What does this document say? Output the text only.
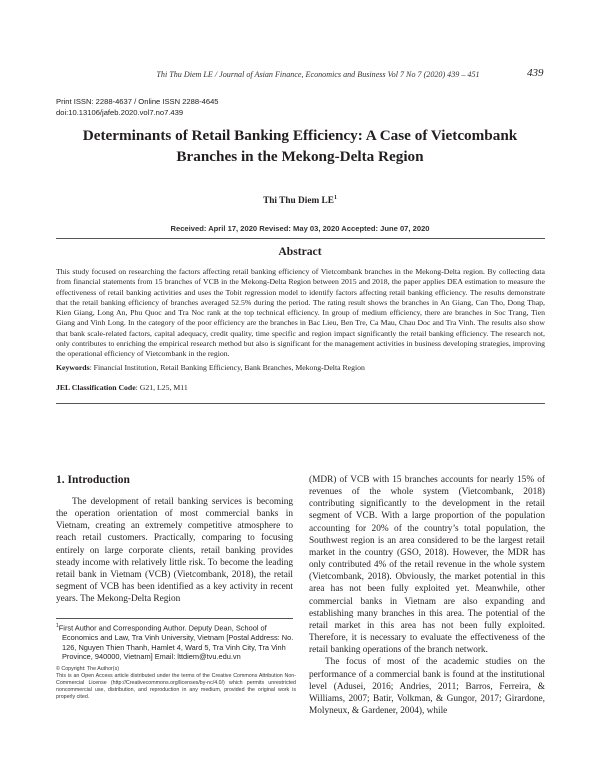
Thi Thu Diem LE / Journal of Asian Finance, Economics and Business Vol 7 No 7 (2020) 439 – 451	439
Print ISSN: 2288-4637 / Online ISSN 2288-4645
doi:10.13106/jafeb.2020.vol7.no7.439
Determinants of Retail Banking Efficiency: A Case of Vietcombank
Branches in the Mekong-Delta Region
Thi Thu Diem $LE^1$
Received: April 17, 2020 Revised: May 03, 2020 Accepted: June 07, 2020
Abstract
This study focused on researching the factors affecting retail banking efficiency of Vietcombank branches in the Mekong-Delta region. By collecting data from financial statements from 15 branches of VCB in the Mekong-Delta Region between 2015 and 2018, the paper applies DEA estimation to measure the effectiveness of retail banking activities and uses the Tobit regression model to identify factors affecting retail banking efficiency. The results demonstrate that the retail banking efficiency of branches averaged 52.5% during the period. The rating result shows the branches in An Giang, Can Tho, Dong Thap, Kien Giang, Long An, Phu Quoc and Tra Noc rank at the top technical efficiency. In group of medium efficiency, there are branches in Soc Trang, Tien Giang and Vinh Long. In the category of the poor efficiency are the branches in Bac Lieu, Ben Tre, Ca Mau, Chau Doc and Tra Vinh. The results also show that bank scale-related factors, capital adequacy, credit quality, time specific and region impact significantly the retail banking efficiency. The research not, only contributes to enriching the empirical research method but also is significant for the management activities in business developing strategies, improving the operational efficiency of Vietcombank in the region.
Keywords: Financial Institution, Retail Banking Efficiency, Bank Branches, Mekong-Delta Region
JEL Classification Code: G21, L25, M11
1. Introduction

The development of retail banking services is becoming the operation orientation of most commercial banks in Vietnam, creating an extremely competitive atmosphere to reach retail customers. Practically, comparing to focusing entirely on large corporate clients, retail banking provides steady income with relatively little risk. To become the leading retail bank in Vietnam (VCB) (Vietcombank, 2018), the retail segment of VCB has been identified as a key activity in recent years. The Mekong-Delta Region

(MDR) of VCB with 15 branches accounts for nearly 15% of revenues of the whole system (Vietcombank, 2018) contributing significantly to the development in the retail segment of VCB. With a large proportion of the population accounting for 20% of the country’s total population, the Southwest region is an area considered to be the largest retail market in the country (GSO, 2018). However, the MDR has only contributed 4% of the retail revenue in the whole system (Vietcombank, 2018). Obviously, the market potential in this area has not been fully exploited yet. Meanwhile, other commercial banks in Vietnam are also expanding and establishing many branches in this area. The potential of the retail market in this area has not been fully exploited. Therefore, it is necessary to evaluate the effectiveness of the retail banking operations of the branch network.

The focus of most of the academic studies on the performance of a commercial bank is found at the institutional level (Adusei, 2016; Andries, 2011; Barros, Ferreira, & Williams, 2007; Batir, Volkman, & Gungor, 2017; Girardone, Molyneux, & Gardener, 2004), while

$^1$First Author and Corresponding Author. Deputy Dean, School of Economics and Law, Tra Vinh University, Vietnam [Postal Address: No. 126, Nguyen Thien Thanh, Hamlet 4, Ward 5, Tra Vinh City, Tra Vinh Province, 940000, Vietnam] Email: lttdiem@tvu.edu.vn
© Copyright: The Author(s)
This is an Open Access article distributed under the terms of the Creative Commons Attribution Non-Commercial License (http://Creativecommons.org/licenses/by-nc/4.0/) which permits unrestricted noncommercial use, distribution, and reproduction in any medium, provided the original work is properly cited.
